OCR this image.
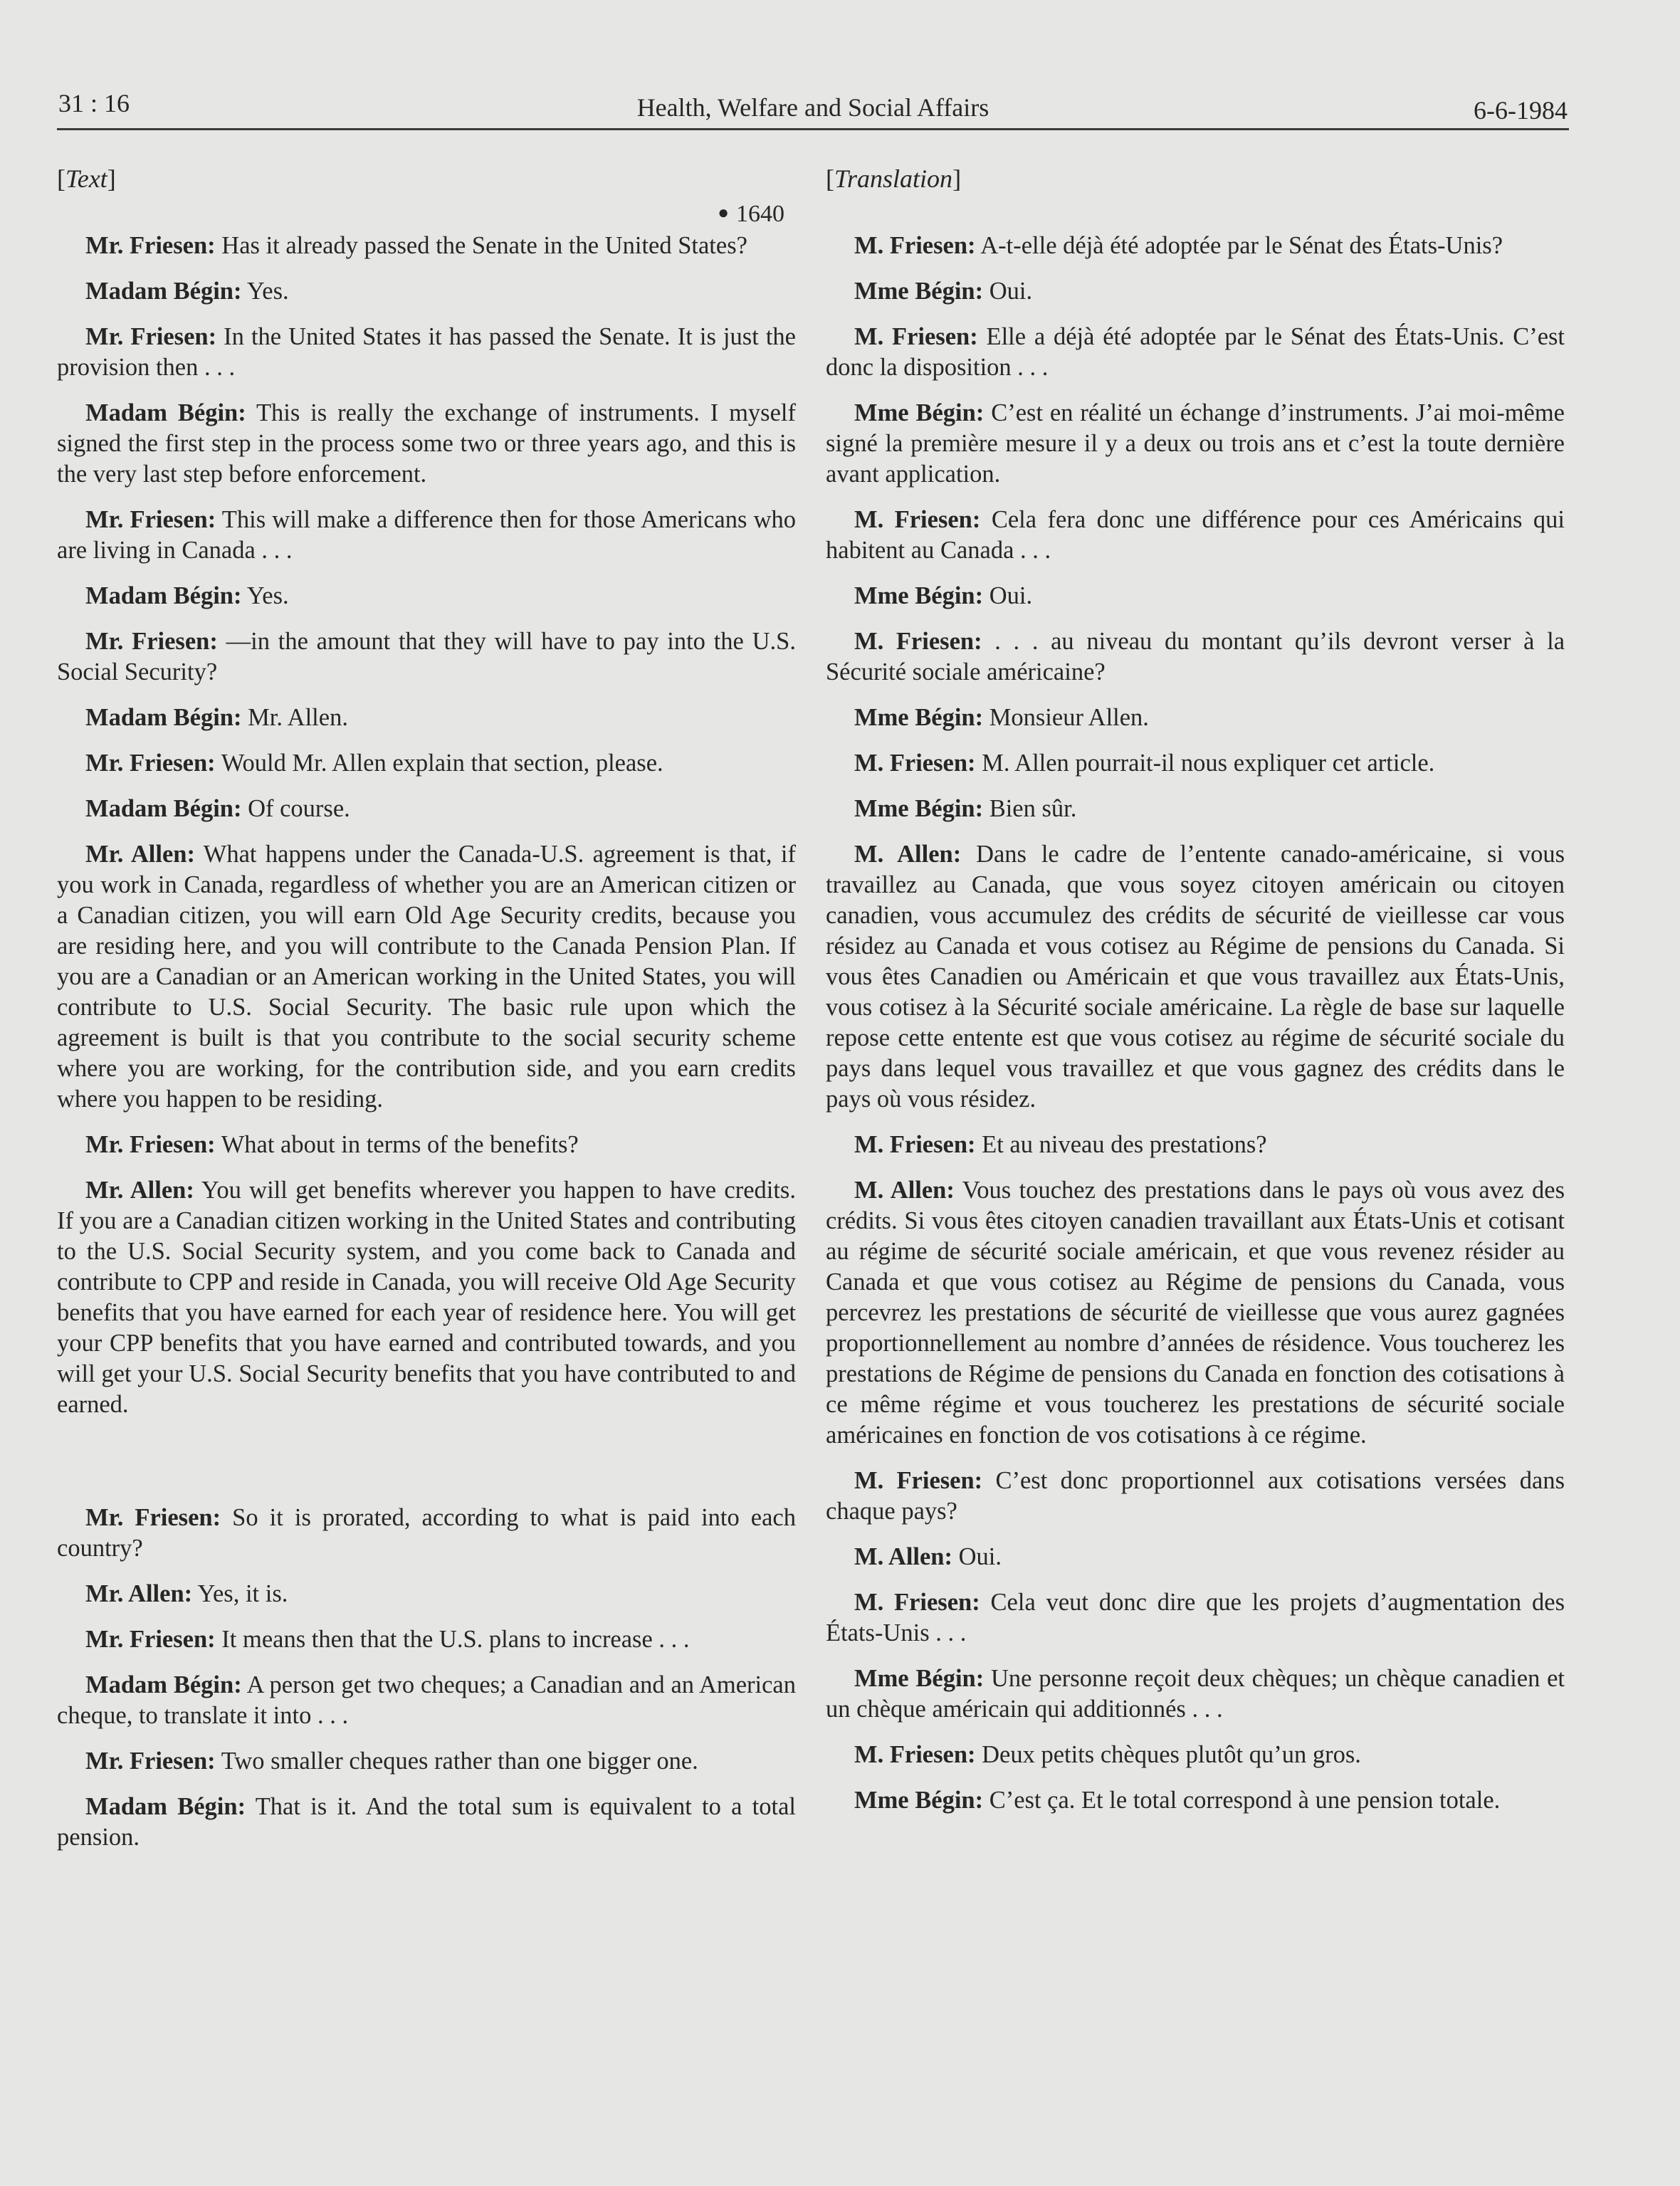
31 : 16	Health, Welfare and Social Affairs	6-6-1984
[Text]
● 1640

Mr. Friesen: Has it already passed the Senate in the United States?

Madam Bégin: Yes.

Mr. Friesen: In the United States it has passed the Senate. It is just the provision then . . .

Madam Bégin: This is really the exchange of instruments. I myself signed the first step in the process some two or three years ago, and this is the very last step before enforcement.

Mr. Friesen: This will make a difference then for those Americans who are living in Canada . . .

Madam Bégin: Yes.

Mr. Friesen: —in the amount that they will have to pay into the U.S. Social Security?

Madam Bégin: Mr. Allen.

Mr. Friesen: Would Mr. Allen explain that section, please.

Madam Bégin: Of course.

Mr. Allen: What happens under the Canada-U.S. agreement is that, if you work in Canada, regardless of whether you are an American citizen or a Canadian citizen, you will earn Old Age Security credits, because you are residing here, and you will contribute to the Canada Pension Plan. If you are a Canadian or an American working in the United States, you will contribute to U.S. Social Security. The basic rule upon which the agreement is built is that you contribute to the social security scheme where you are working, for the contribution side, and you earn credits where you happen to be residing.

Mr. Friesen: What about in terms of the benefits?

Mr. Allen: You will get benefits wherever you happen to have credits. If you are a Canadian citizen working in the United States and contributing to the U.S. Social Security system, and you come back to Canada and contribute to CPP and reside in Canada, you will receive Old Age Security benefits that you have earned for each year of residence here. You will get your CPP benefits that you have earned and contributed towards, and you will get your U.S. Social Security benefits that you have contributed to and earned.

Mr. Friesen: So it is prorated, according to what is paid into each country?

Mr. Allen: Yes, it is.

Mr. Friesen: It means then that the U.S. plans to increase . . .

Madam Bégin: A person get two cheques; a Canadian and an American cheque, to translate it into . . .

Mr. Friesen: Two smaller cheques rather than one bigger one.

Madam Bégin: That is it. And the total sum is equivalent to a total pension.

[Translation]

M. Friesen: A-t-elle déjà été adoptée par le Sénat des États-Unis?

Mme Bégin: Oui.

M. Friesen: Elle a déjà été adoptée par le Sénat des États-Unis. C’est donc la disposition . . .

Mme Bégin: C’est en réalité un échange d’instruments. J’ai moi-même signé la première mesure il y a deux ou trois ans et c’est la toute dernière avant application.

M. Friesen: Cela fera donc une différence pour ces Américains qui habitent au Canada . . .

Mme Bégin: Oui.

M. Friesen: . . . au niveau du montant qu’ils devront verser à la Sécurité sociale américaine?

Mme Bégin: Monsieur Allen.

M. Friesen: M. Allen pourrait-il nous expliquer cet article.

Mme Bégin: Bien sûr.

M. Allen: Dans le cadre de l’entente canado-américaine, si vous travaillez au Canada, que vous soyez citoyen américain ou citoyen canadien, vous accumulez des crédits de sécurité de vieillesse car vous résidez au Canada et vous cotisez au Régime de pensions du Canada. Si vous êtes Canadien ou Américain et que vous travaillez aux États-Unis, vous cotisez à la Sécurité sociale américaine. La règle de base sur laquelle repose cette entente est que vous cotisez au régime de sécurité sociale du pays dans lequel vous travaillez et que vous gagnez des crédits dans le pays où vous résidez.

M. Friesen: Et au niveau des prestations?

M. Allen: Vous touchez des prestations dans le pays où vous avez des crédits. Si vous êtes citoyen canadien travaillant aux États-Unis et cotisant au régime de sécurité sociale américain, et que vous revenez résider au Canada et que vous cotisez au Régime de pensions du Canada, vous percevrez les prestations de sécurité de vieillesse que vous aurez gagnées proportionnellement au nombre d’années de résidence. Vous toucherez les prestations de Régime de pensions du Canada en fonction des cotisations à ce même régime et vous toucherez les prestations de sécurité sociale américaines en fonction de vos cotisations à ce régime.

M. Friesen: C’est donc proportionnel aux cotisations versées dans chaque pays?

M. Allen: Oui.

M. Friesen: Cela veut donc dire que les projets d’augmentation des États-Unis . . .

Mme Bégin: Une personne reçoit deux chèques; un chèque canadien et un chèque américain qui additionnés . . .

M. Friesen: Deux petits chèques plutôt qu’un gros.

Mme Bégin: C’est ça. Et le total correspond à une pension totale.
